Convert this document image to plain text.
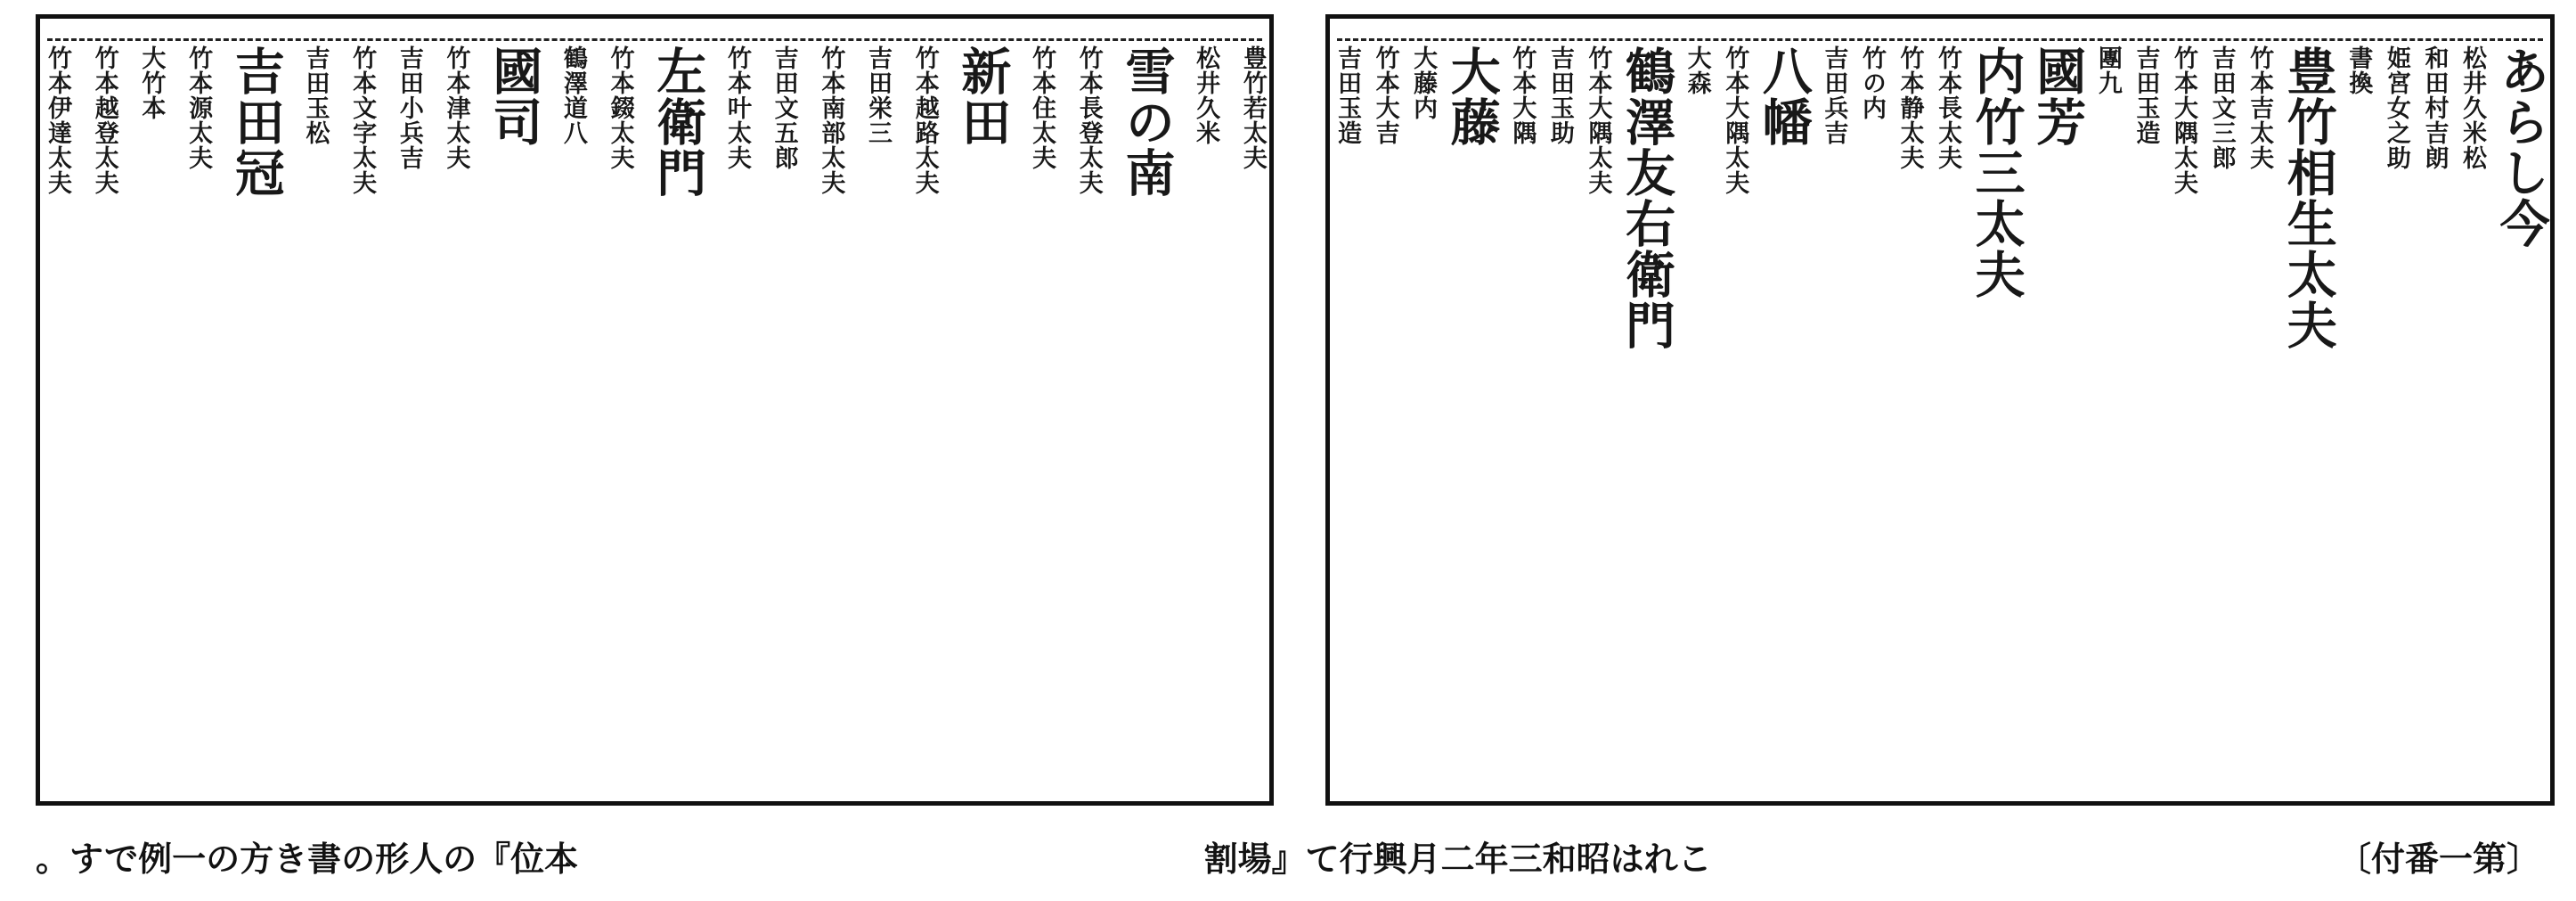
あらし今
松井久米松
和田村吉朗
姫宮女之助
書換
豊竹相生太夫
竹本吉太夫
吉田文三郎
竹本大隅太夫
吉田玉造
團九
國芳
内竹三太夫
竹本長太夫
竹本静太夫
竹の内
吉田兵吉
八幡
竹本大隅太夫
大森
鶴澤友右衛門
竹本大隅太夫
吉田玉助
竹本大隅
大藤
大藤内
竹本大吉
吉田玉造
豊竹若太夫
松井久米
雪の南
竹本長登太夫
竹本住太夫
新田
竹本越路太夫
吉田栄三
竹本南部太夫
吉田文五郎
竹本叶太夫
左衛門
竹本錣太夫
鶴澤道八
國司
竹本津太夫
吉田小兵吉
竹本文字太夫
吉田玉松
吉田冠
竹本源太夫
大竹本
竹本越登太夫
竹本伊達太夫
〔付番一第〕
割場』て行興月二年三和昭はれこ
。すで例一の方き書の形人の『位本
